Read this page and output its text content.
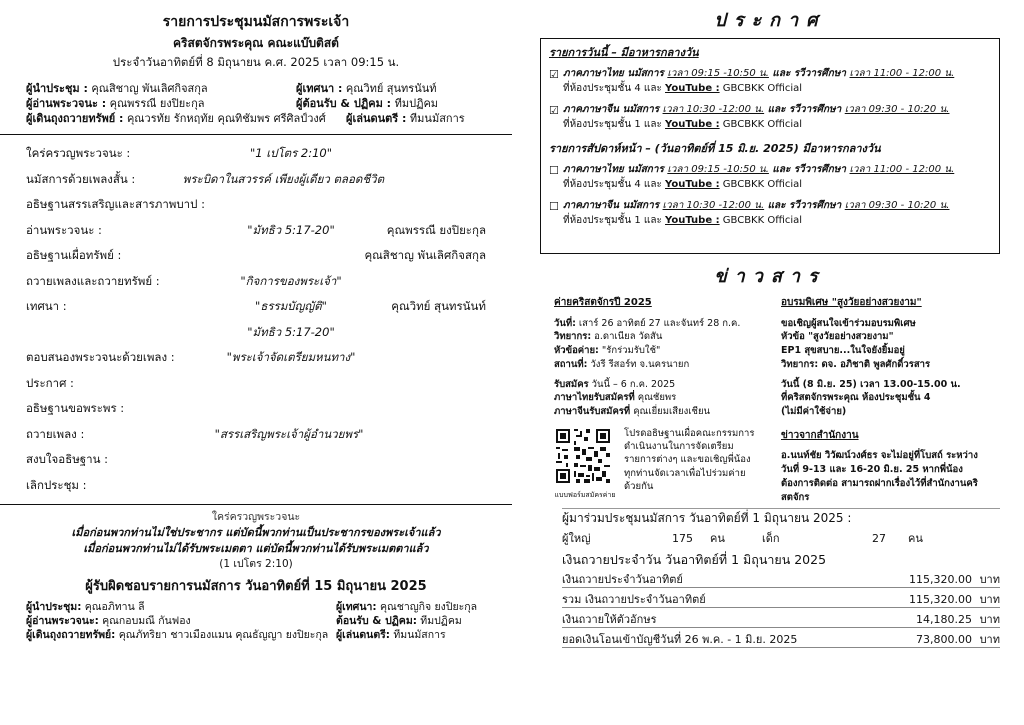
รายการประชุมนมัสการพระเจ้า
คริสตจักรพระคุณ คณะแบ๊บติสต์
ประจำวันอาทิตย์ที่ 8 มิถุนายน ค.ศ. 2025 เวลา 09:15 น.
ผู้นำประชุม : คุณสิชาญ พันเลิศกิจสกุล	ผู้เทศนา : คุณวิทย์ สุนทรนันท์
ผู้อ่านพระวจนะ : คุณพรรณี ยงปิยะกุล	ผู้ต้อนรับ & ปฏิคม : ทีมปฏิคม
ผู้เดินถุงถวายทรัพย์ : คุณวรทัย รักหฤทัย คุณทิชัมพร ศรีศิลป์วงศ์	ผู้เล่นดนตรี : ทีมนมัสการ
ใคร่ครวญพระวจนะ :	"1 เปโตร 2:10"
นมัสการด้วยเพลงสั้น :	พระบิดาในสวรรค์ เพียงผู้เดียว ตลอดชีวิต
อธิษฐานสรรเสริญและสารภาพบาป :
อ่านพระวจนะ :	"มัทธิว 5:17-20"	คุณพรรณี ยงปิยะกุล
อธิษฐานเผื่อทรัพย์ :	คุณสิชาญ พันเลิศกิจสกุล
ถวายเพลงและถวายทรัพย์ :	"กิจการของพระเจ้า"
เทศนา :	"ธรรมบัญญัติ"	คุณวิทย์ สุนทรนันท์
"มัทธิว 5:17-20"
ตอบสนองพระวจนะด้วยเพลง :	"พระเจ้าจัดเตรียมหนทาง"
ประกาศ :
อธิษฐานขอพระพร :
ถวายเพลง :	"สรรเสริญพระเจ้าผู้อำนวยพร"
สงบใจอธิษฐาน :
เลิกประชุม :
ใคร่ครวญพระวจนะ
เมื่อก่อนพวกท่านไม่ใช่ประชากร แต่บัดนี้พวกท่านเป็นประชากรของพระเจ้าแล้ว
เมื่อก่อนพวกท่านไม่ได้รับพระเมตตา แต่บัดนี้พวกท่านได้รับพระเมตตาแล้ว
(1 เปโตร 2:10)
ผู้รับผิดชอบรายการนมัสการ วันอาทิตย์ที่ 15 มิถุนายน 2025
ผู้นำประชุม: คุณอภิทาน ลี	ผู้เทศนา: คุณชาญกิจ ยงปิยะกุล
ผู้อ่านพระวจนะ: คุณกอบมณี กันฟอง	ต้อนรับ & ปฏิคม: ทีมปฏิคม
ผู้เดินถุงถวายทรัพย์: คุณภัทริยา ชาวเมืองแมน คุณธัญญา ยงปิยะกุล ผู้เล่นดนตรี: ทีมนมัสการ
ประกาศ
รายการวันนี้ – มีอาหารกลางวัน
☑ ภาคภาษาไทย นมัสการ เวลา 09:15 -10:50 น. และ รวีวารศึกษา เวลา 11:00 - 12:00 น.
ที่ห้องประชุมชั้น 4 และ YouTube : GBCBKK Official
☑ ภาคภาษาจีน นมัสการ เวลา 10:30 -12:00 น. และ รวีวารศึกษา เวลา 09:30 - 10:20 น.
ที่ห้องประชุมชั้น 1 และ YouTube : GBCBKK Official
รายการสัปดาห์หน้า – (วันอาทิตย์ที่ 15 มิ.ย. 2025) มีอาหารกลางวัน
☐ ภาคภาษาไทย นมัสการ เวลา 09:15 -10:50 น. และ รวีวารศึกษา เวลา 11:00 - 12:00 น.
ที่ห้องประชุมชั้น 4 และ YouTube : GBCBKK Official
☐ ภาคภาษาจีน นมัสการ เวลา 10:30 -12:00 น. และ รวีวารศึกษา เวลา 09:30 - 10:20 น.
ที่ห้องประชุมชั้น 1 และ YouTube : GBCBKK Official
ข่าวสาร
ค่ายคริสตจักรปี 2025
วันที่: เสาร์ 26 อาทิตย์ 27 และจันทร์ 28 ก.ค.
วิทยากร: อ.ดาเนียล วัดสัน
หัวข้อค่าย: "รักร่วมรับใช้"
สถานที่: วังรี รีสอร์ท จ.นครนายก
รับสมัคร วันนี้ – 6 ก.ค. 2025
ภาษาไทยรับสมัครที่ คุณชัยพร
ภาษาจีนรับสมัครที่ คุณเยี่ยมเสียงเชียน
แบบฟอร์มสมัครค่าย
โปรดอธิษฐานเผื่อคณะกรรมการดำเนินงานในการจัดเตรียมรายการต่างๆ และขอเชิญพี่น้องทุกท่านจัดเวลาเพื่อไปร่วมค่ายด้วยกัน
อบรมพิเศษ "สูงวัยอย่างสวยงาม"
ขอเชิญผู้สนใจเข้าร่วมอบรมพิเศษ
หัวข้อ "สูงวัยอย่างสวยงาม"
EP1 สุขสบาย...ในใจยังยิ้มอยู่
วิทยากร: ดจ. อภิชาติ พูลศักดิ์วรสาร
วันนี้ (8 มิ.ย. 25) เวลา 13.00-15.00 น.
ที่คริสตจักรพระคุณ ห้องประชุมชั้น 4
(ไม่มีค่าใช้จ่าย)
ข่าวจากสำนักงาน
อ.นนท์ชัย วิวัฒน์วงศ์ธร จะไม่อยู่ที่โบสถ์ ระหว่างวันที่ 9-13 และ 16-20 มิ.ย. 25 หากพี่น้องต้องการติดต่อ สามารถฝากเรื่องไว้ที่สำนักงานคริสตจักร
ผู้มาร่วมประชุมนมัสการ วันอาทิตย์ที่ 1 มิถุนายน 2025 :
ผู้ใหญ่	175	คน	เด็ก	27	คน
เงินถวายประจำวัน วันอาทิตย์ที่ 1 มิถุนายน 2025
เงินถวายประจำวันอาทิตย์	115,320.00 บาท
รวม เงินถวายประจำวันอาทิตย์	115,320.00 บาท
เงินถวายให้ตัวอักษร	14,180.25 บาท
ยอดเงินโอนเข้าบัญชีวันที่ 26 พ.ค. - 1 มิ.ย. 2025	73,800.00 บาท
